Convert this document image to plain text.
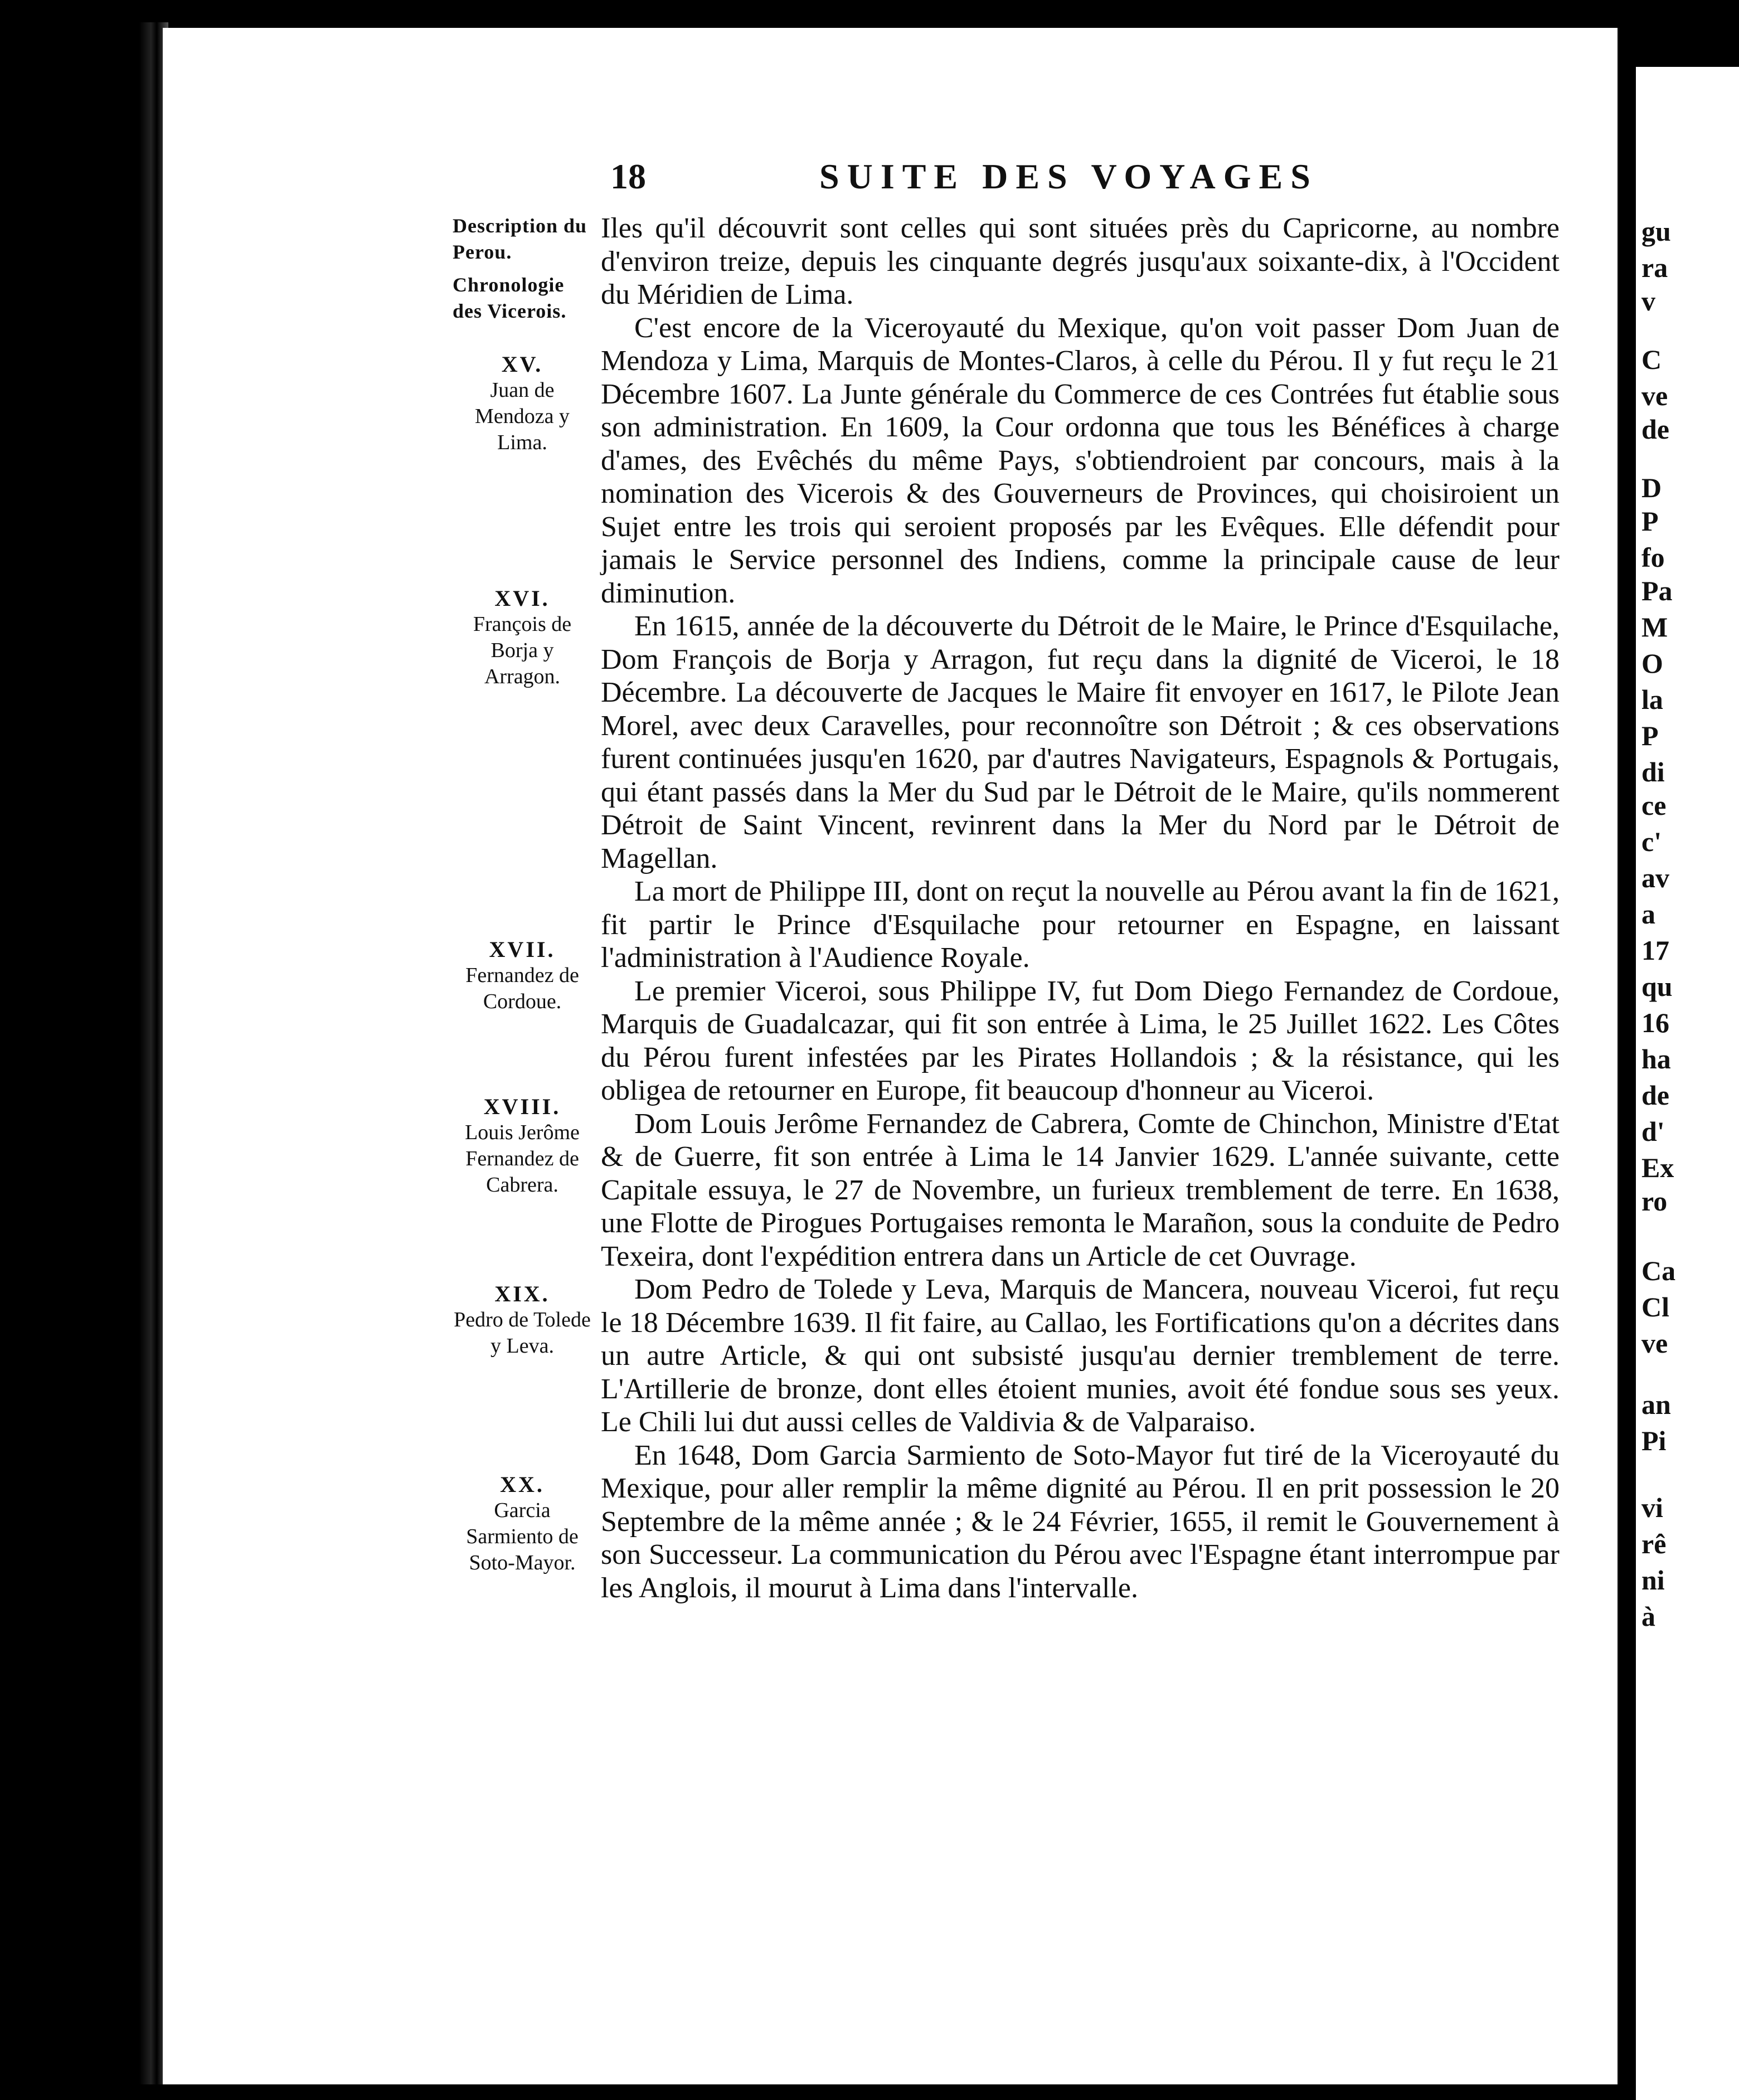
18	SUITE DES VOYAGES
Description du Perou.
Chronologie des Vicerois.
XV.
Juan de Mendoza y Lima.
XVI.
François de Borja y Arragon.
XVII.
Fernandez de Cordoue.
XVIII.
Louis Jerôme Fernandez de Cabrera.
XIX.
Pedro de Tolede y Leva.
XX.
Garcia Sarmiento de Soto-Mayor.

Iles qu'il découvrit sont celles qui sont situées près du Capricorne, au nombre d'environ treize, depuis les cinquante degrés jusqu'aux soixante-dix, à l'Occident du Méridien de Lima.

C'est encore de la Viceroyauté du Mexique, qu'on voit passer Dom Juan de Mendoza y Lima, Marquis de Montes-Claros, à celle du Pérou. Il y fut reçu le 21 Décembre 1607. La Junte générale du Commerce de ces Contrées fut établie sous son administration. En 1609, la Cour ordonna que tous les Bénéfices à charge d'ames, des Evêchés du même Pays, s'obtiendroient par concours, mais à la nomination des Vicerois & des Gouverneurs de Provinces, qui choisiroient un Sujet entre les trois qui seroient proposés par les Evêques. Elle défendit pour jamais le Service personnel des Indiens, comme la principale cause de leur diminution.

En 1615, année de la découverte du Détroit de le Maire, le Prince d'Esquilache, Dom François de Borja y Arragon, fut reçu dans la dignité de Viceroi, le 18 Décembre. La découverte de Jacques le Maire fit envoyer en 1617, le Pilote Jean Morel, avec deux Caravelles, pour reconnoître son Détroit ; & ces observations furent continuées jusqu'en 1620, par d'autres Navigateurs, Espagnols & Portugais, qui étant passés dans la Mer du Sud par le Détroit de le Maire, qu'ils nommerent Détroit de Saint Vincent, revinrent dans la Mer du Nord par le Détroit de Magellan.

La mort de Philippe III, dont on reçut la nouvelle au Pérou avant la fin de 1621, fit partir le Prince d'Esquilache pour retourner en Espagne, en laissant l'administration à l'Audience Royale.

Le premier Viceroi, sous Philippe IV, fut Dom Diego Fernandez de Cordoue, Marquis de Guadalcazar, qui fit son entrée à Lima, le 25 Juillet 1622. Les Côtes du Pérou furent infestées par les Pirates Hollandois ; & la résistance, qui les obligea de retourner en Europe, fit beaucoup d'honneur au Viceroi.

Dom Louis Jerôme Fernandez de Cabrera, Comte de Chinchon, Ministre d'Etat & de Guerre, fit son entrée à Lima le 14 Janvier 1629. L'année suivante, cette Capitale essuya, le 27 de Novembre, un furieux tremblement de terre. En 1638, une Flotte de Pirogues Portugaises remonta le Marañon, sous la conduite de Pedro Texeira, dont l'expédition entrera dans un Article de cet Ouvrage.

Dom Pedro de Tolede y Leva, Marquis de Mancera, nouveau Viceroi, fut reçu le 18 Décembre 1639. Il fit faire, au Callao, les Fortifications qu'on a décrites dans un autre Article, & qui ont subsisté jusqu'au dernier tremblement de terre. L'Artillerie de bronze, dont elles étoient munies, avoit été fondue sous ses yeux. Le Chili lui dut aussi celles de Valdivia & de Valparaiso.

En 1648, Dom Garcia Sarmiento de Soto-Mayor fut tiré de la Viceroyauté du Mexique, pour aller remplir la même dignité au Pérou. Il en prit possession le 20 Septembre de la même année ; & le 24 Février, 1655, il remit le Gouvernement à son Successeur. La communication du Pérou avec l'Espagne étant interrompue par les Anglois, il mourut à Lima dans l'intervalle.

gu
ra
v
C
ve
de
D
P
fo
Pa
M
O
la
P
di
ce
c'
av
a
17
qu
16
ha
de
d'
Ex
ro
Ca
Cl
ve
an
Pi
vi
rê
ni
à
